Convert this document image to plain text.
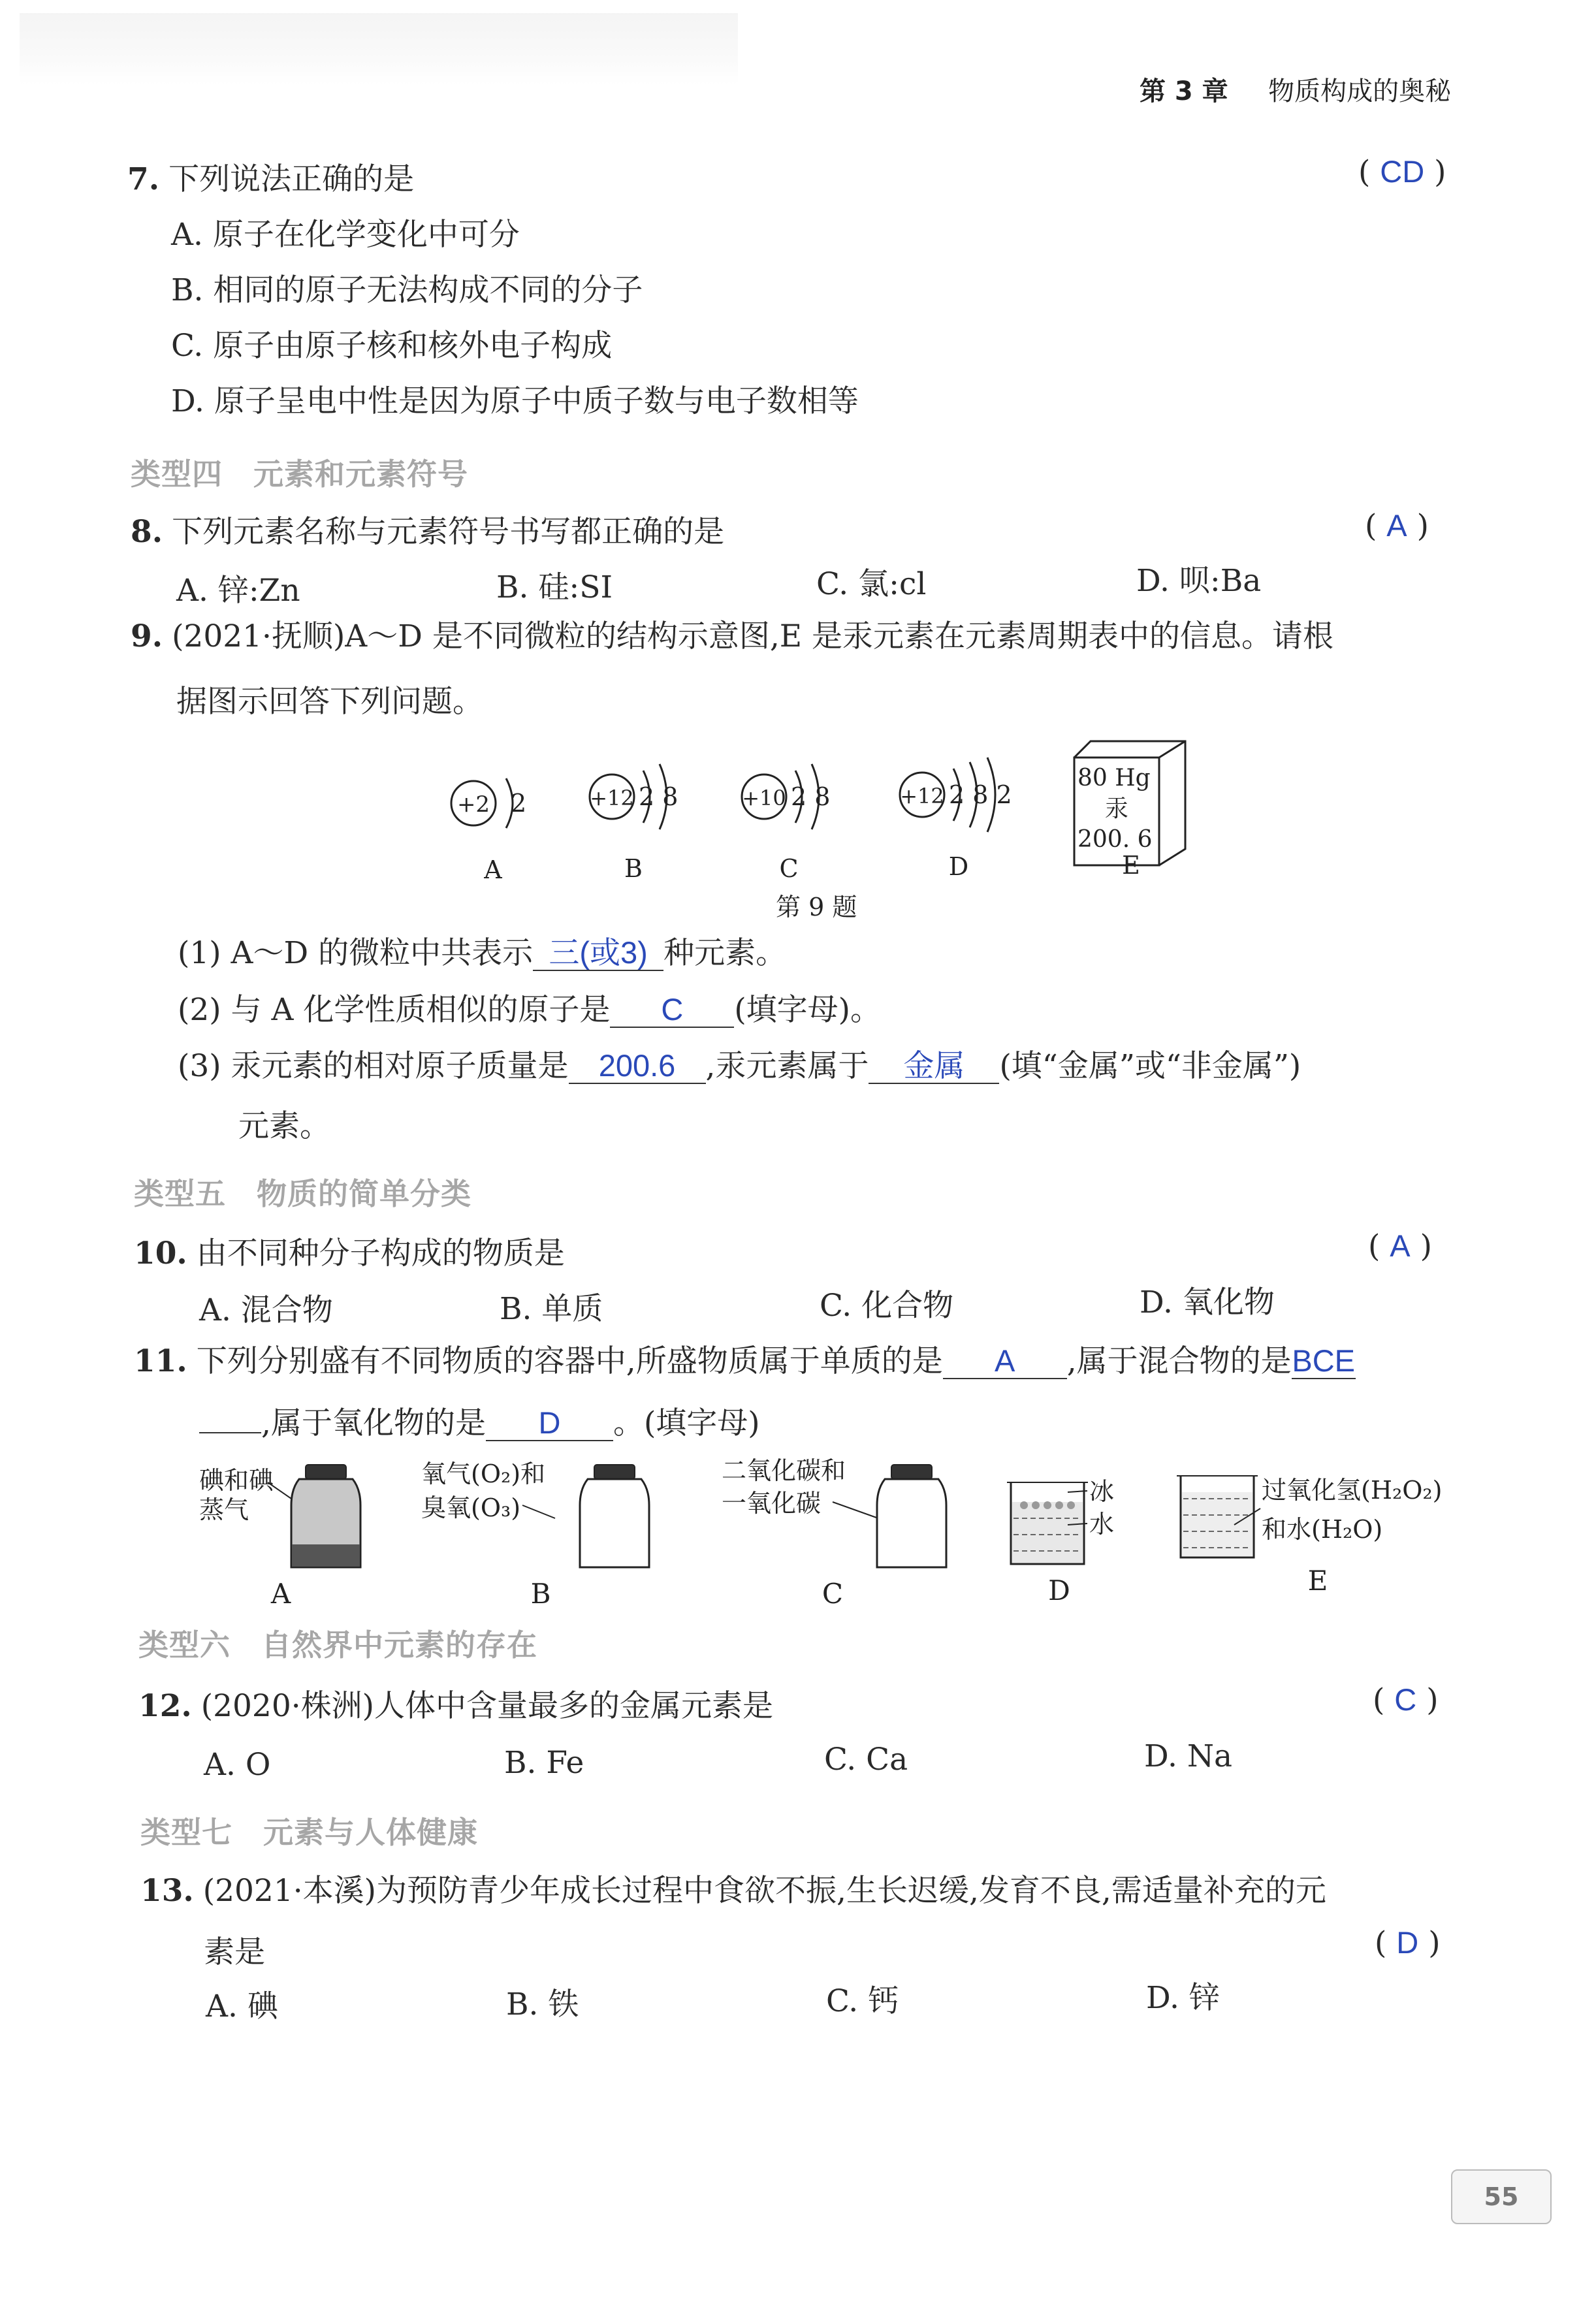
第 3 章 物质构成的奥秘
7. 下列说法正确的是	( CD )
A. 原子在化学变化中可分
B. 相同的原子无法构成不同的分子
C. 原子由原子核和核外电子构成
D. 原子呈电中性是因为原子中质子数与电子数相等
类型四　元素和元素符号
8. 下列元素名称与元素符号书写都正确的是	( A )
A. 锌:Zn	B. 硅:SI	C. 氯:cl	D. 呗:Ba
9. (2021·抚顺)A～D 是不同微粒的结构示意图,E 是汞元素在元素周期表中的信息。请根
据图示回答下列问题。
+2 2
A
+12 2 8
B
+10 2 8
C
+12 2 8 2
D
80 Hg
汞
200. 6
E
第 9 题
(1) A～D 的微粒中共表示 三(或3) 种元素。
(2) 与 A 化学性质相似的原子是 C (填字母)。
(3) 汞元素的相对原子质量是 200.6 ,汞元素属于 金属 (填“金属”或“非金属”)
元素。
类型五　物质的简单分类
10. 由不同种分子构成的物质是	( A )
A. 混合物	B. 单质	C. 化合物	D. 氧化物
11. 下列分别盛有不同物质的容器中,所盛物质属于单质的是 A ,属于混合物的是BCE
,属于氧化物的是 D 。(填字母)
碘和碘
蒸气
A
氧气(O₂)和
臭氧(O₃)
B
二氧化碳和
一氧化碳
C
冰
水
D
过氧化氢(H₂O₂)
和水(H₂O)
E
类型六　自然界中元素的存在
12. (2020·株洲)人体中含量最多的金属元素是	( C )
A. O	B. Fe	C. Ca	D. Na
类型七　元素与人体健康
13. (2021·本溪)为预防青少年成长过程中食欲不振,生长迟缓,发育不良,需适量补充的元
素是	( D )
A. 碘	B. 铁	C. 钙	D. 锌
55
